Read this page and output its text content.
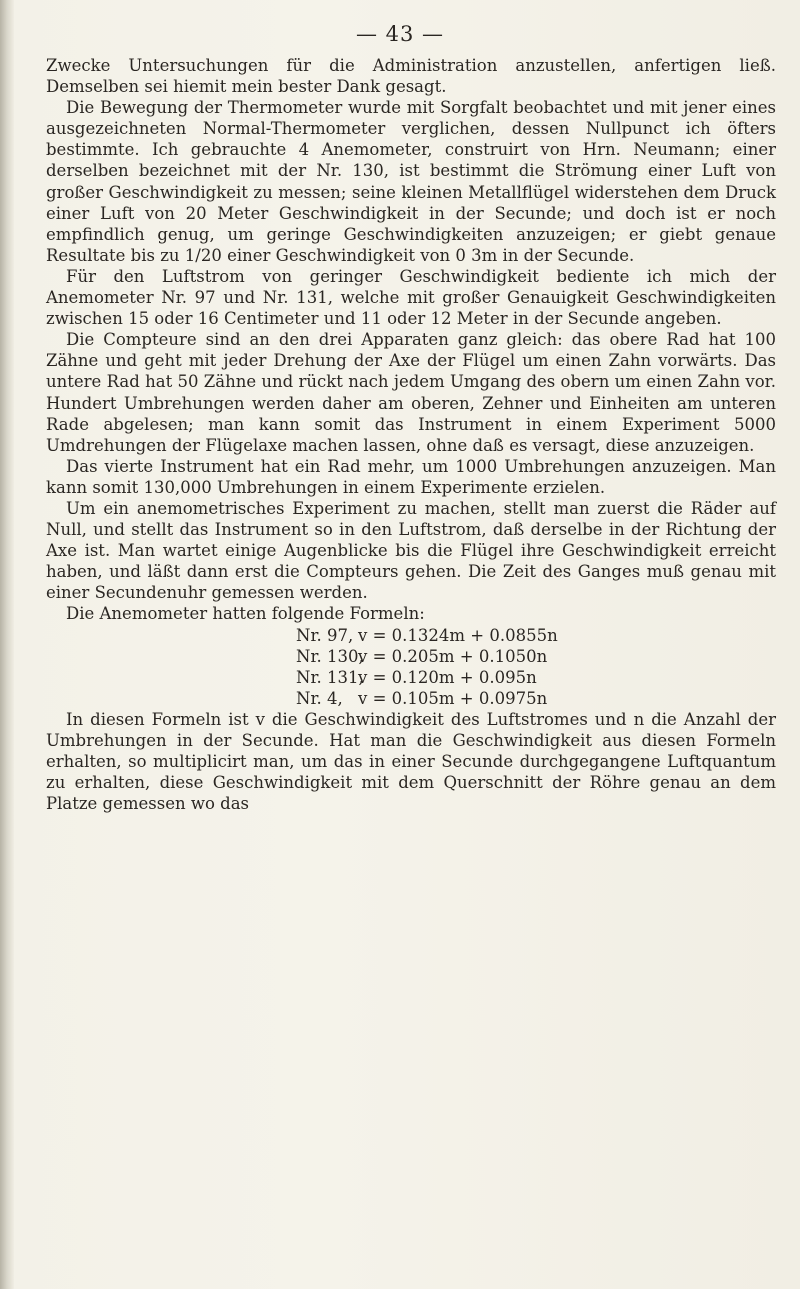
— 43 —

Zwecke Untersuchungen für die Administration anzustellen, anfertigen ließ. Demselben sei hiemit mein bester Dank gesagt.

Die Bewegung der Thermometer wurde mit Sorgfalt beobachtet und mit jener eines ausgezeichneten Normal-Thermometer verglichen, dessen Nullpunct ich öfters bestimmte. Ich gebrauchte 4 Anemometer, construirt von Hrn. Neumann; einer derselben bezeichnet mit der Nr. 130, ist bestimmt die Strömung einer Luft von großer Geschwindigkeit zu messen; seine kleinen Metallflügel widerstehen dem Druck einer Luft von 20 Meter Geschwindigkeit in der Secunde; und doch ist er noch empfindlich genug, um geringe Geschwindigkeiten anzuzeigen; er giebt genaue Resultate bis zu 1/20 einer Geschwindigkeit von 0 3m in der Secunde.

Für den Luftstrom von geringer Geschwindigkeit bediente ich mich der Anemometer Nr. 97 und Nr. 131, welche mit großer Genauigkeit Geschwindigkeiten zwischen 15 oder 16 Centimeter und 11 oder 12 Meter in der Secunde angeben.

Die Compteure sind an den drei Apparaten ganz gleich: das obere Rad hat 100 Zähne und geht mit jeder Drehung der Axe der Flügel um einen Zahn vorwärts. Das untere Rad hat 50 Zähne und rückt nach jedem Umgang des obern um einen Zahn vor. Hundert Umbrehungen werden daher am oberen, Zehner und Einheiten am unteren Rade abgelesen; man kann somit das Instrument in einem Experiment 5000 Umdrehungen der Flügelaxe machen lassen, ohne daß es versagt, diese anzuzeigen.

Das vierte Instrument hat ein Rad mehr, um 1000 Umbrehungen anzuzeigen. Man kann somit 130,000 Umbrehungen in einem Experimente erzielen.

Um ein anemometrisches Experiment zu machen, stellt man zuerst die Räder auf Null, und stellt das Instrument so in den Luftstrom, daß derselbe in der Richtung der Axe ist. Man wartet einige Augenblicke bis die Flügel ihre Geschwindigkeit erreicht haben, und läßt dann erst die Compteurs gehen. Die Zeit des Ganges muß genau mit einer Secundenuhr gemessen werden.

Die Anemometer hatten folgende Formeln:

Nr. 97, v = 0.1324m + 0.0855n
Nr. 130,
v = 0.205m + 0.1050n
Nr. 131,
v = 0.120m + 0.095n
Nr. 4, v = 0.105m + 0.0975n

In diesen Formeln ist v die Geschwindigkeit des Luftstromes und n die Anzahl der Umbrehungen in der Secunde. Hat man die Geschwindigkeit aus diesen Formeln erhalten, so multiplicirt man, um das in einer Secunde durchgegangene Luftquantum zu erhalten, diese Geschwindigkeit mit dem Querschnitt der Röhre genau an dem Platze gemessen wo das
